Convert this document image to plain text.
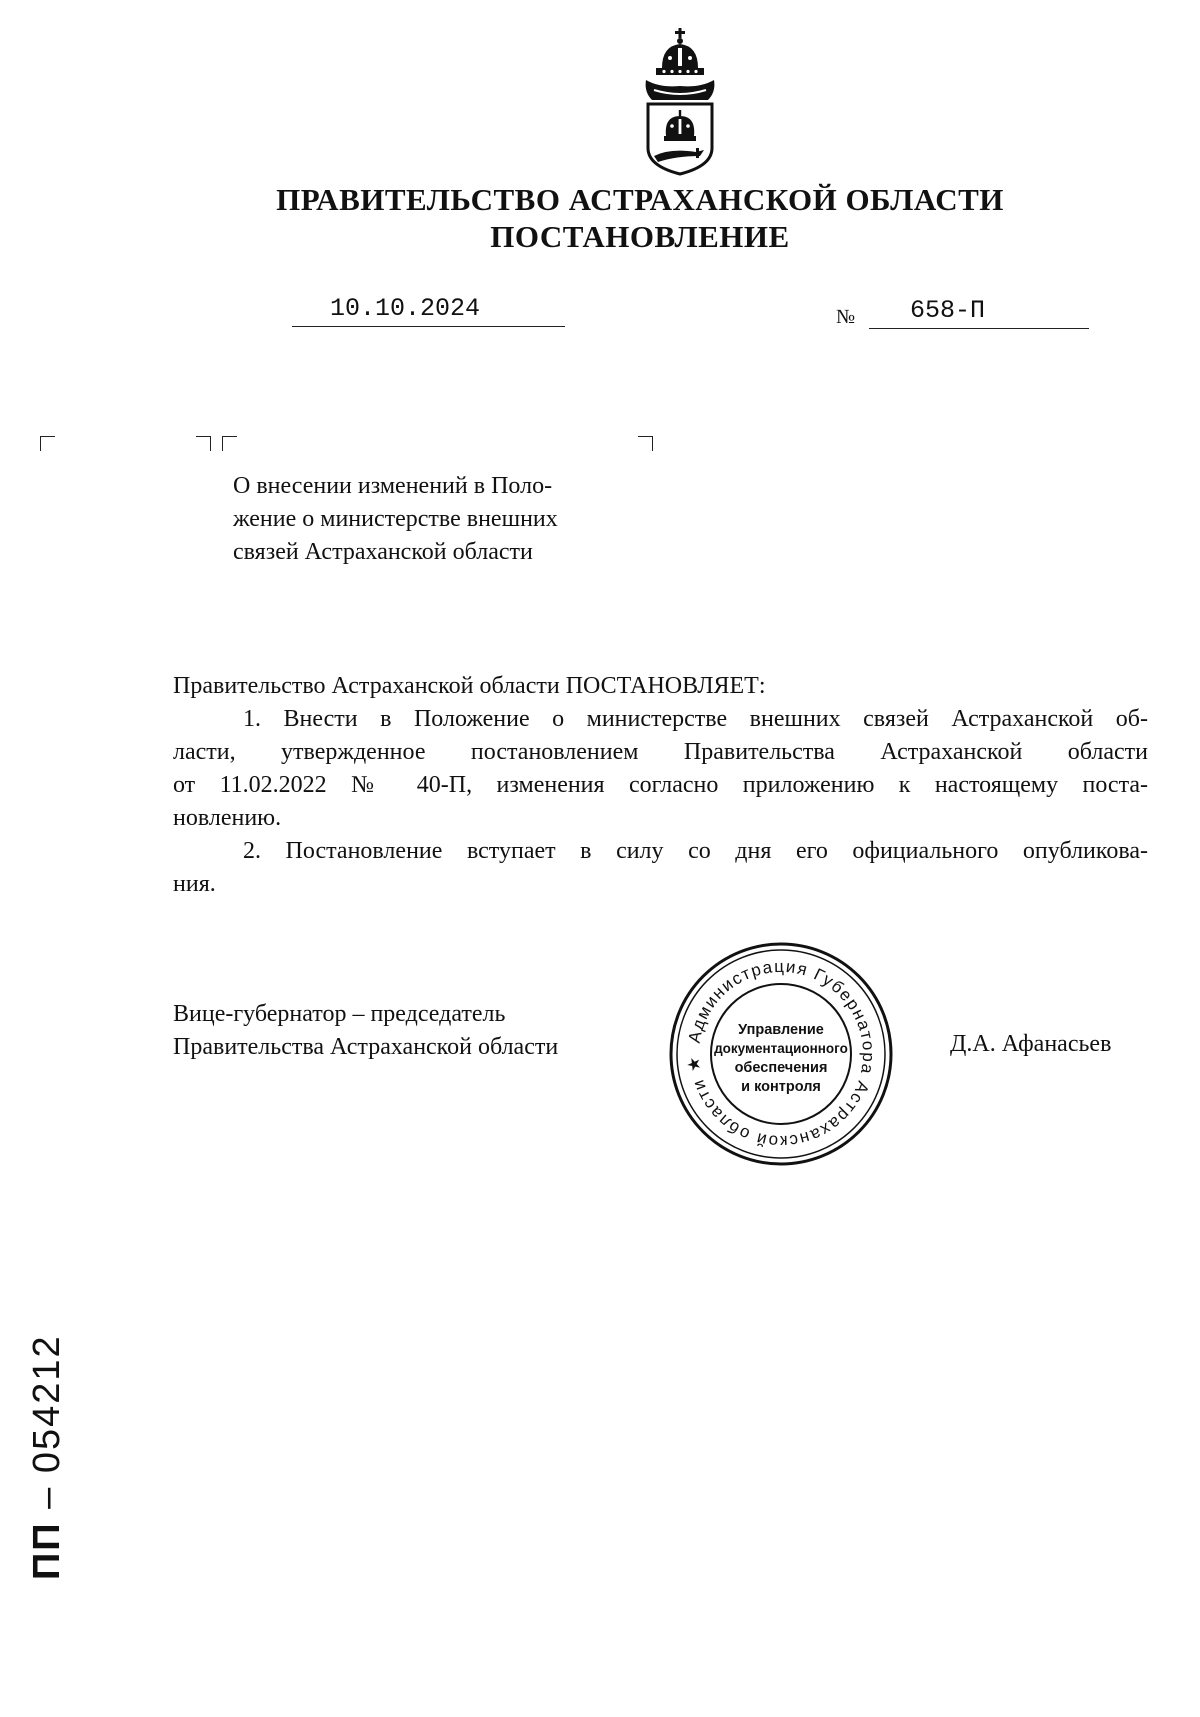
ПРАВИТЕЛЬСТВО АСТРАХАНСКОЙ ОБЛАСТИ
ПОСТАНОВЛЕНИЕ
10.10.2024	№ 658-П
О внесении изменений в Поло-
жение о министерстве внешних
связей Астраханской области

Правительство Астраханской области ПОСТАНОВЛЯЕТ:

1. Внести в Положение о министерстве внешних связей Астраханской об-
ласти, утвержденное постановлением Правительства Астраханской области
от 11.02.2022 № 40-П, изменения согласно приложению к настоящему поста-
новлению.
2. Постановление вступает в силу со дня его официального опубликова-
ния.
Вице-губернатор – председатель
Правительства Астраханской области	Администрация Губернатора Астраханской области ★
Управление
документационного
обеспечения
и контроля
Д.А. Афанасьев
ПП – 054212
